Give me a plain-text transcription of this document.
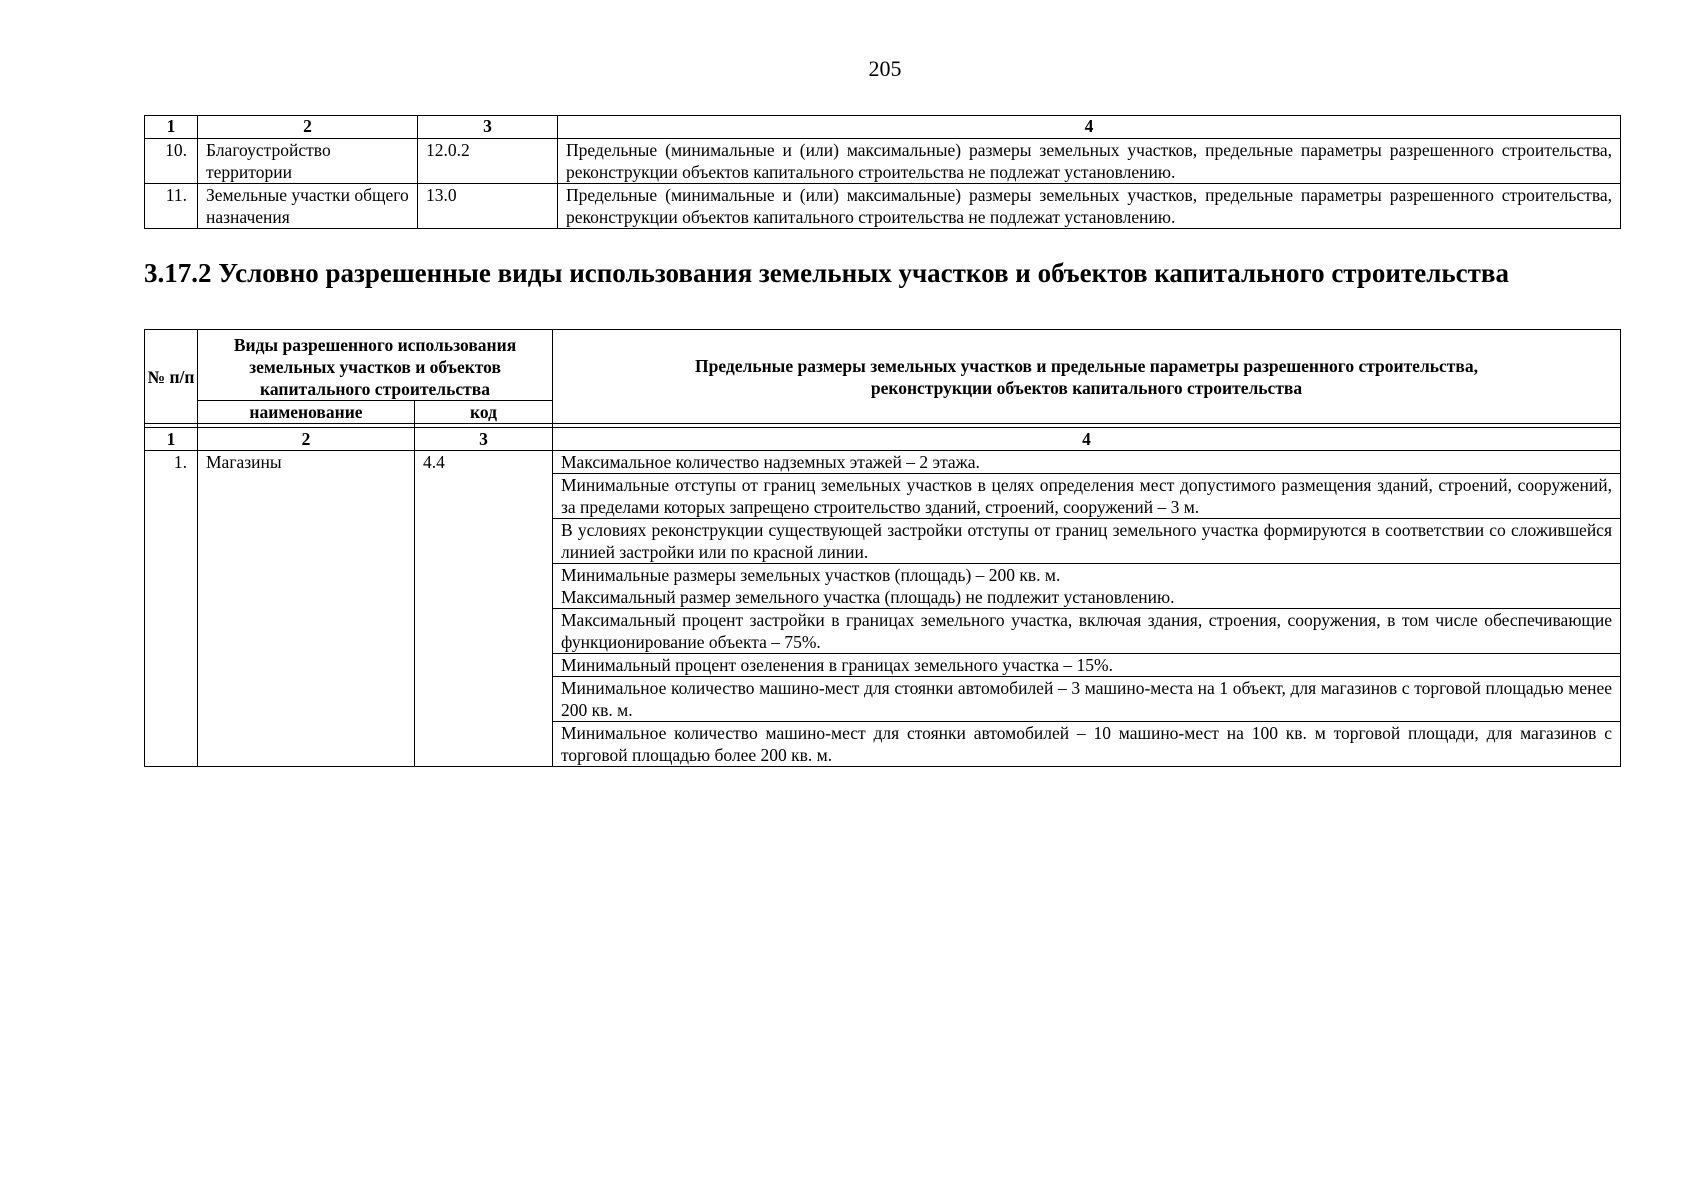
205
1	2	3	4
10.	Благоустройство территории	12.0.2	Предельные (минимальные и (или) максимальные) размеры земельных участков, предельные параметры разрешенного строительства, реконструкции объектов капитального строительства не подлежат установлению.
11.	Земельные участки общего назначения	13.0	Предельные (минимальные и (или) максимальные) размеры земельных участков, предельные параметры разрешенного строительства, реконструкции объектов капитального строительства не подлежат установлению.
3.17.2 Условно разрешенные виды использования земельных участков и объектов капитального строительства
№ п/п	Виды разрешенного использования земельных участков и объектов капитального строительства		Предельные размеры земельных участков и предельные параметры разрешенного строительства, реконструкции объектов капитального строительства
	наименование	код	

1	2	3	4
1.	Магазины	4.4	Максимальное количество надземных этажей – 2 этажа.
			Минимальные отступы от границ земельных участков в целях определения мест допустимого размещения зданий, строений, сооружений, за пределами которых запрещено строительство зданий, строений, сооружений – 3 м.
			В условиях реконструкции существующей застройки отступы от границ земельного участка формируются в соответствии со сложившейся линией застройки или по красной линии.

			Минимальные размеры земельных участков (площадь) – 200 кв. м.
Максимальный размер земельного участка (площадь) не подлежит установлению.

			Максимальный процент застройки в границах земельного участка, включая здания, строения, сооружения, в том числе обеспечивающие функционирование объекта – 75%.
			Минимальный процент озеленения в границах земельного участка – 15%.
			Минимальное количество машино-мест для стоянки автомобилей – 3 машино-места на 1 объект, для магазинов с торговой площадью менее 200 кв. м.
			Минимальное количество машино-мест для стоянки автомобилей – 10 машино-мест на 100 кв. м торговой площади, для магазинов с торговой площадью более 200 кв. м.
